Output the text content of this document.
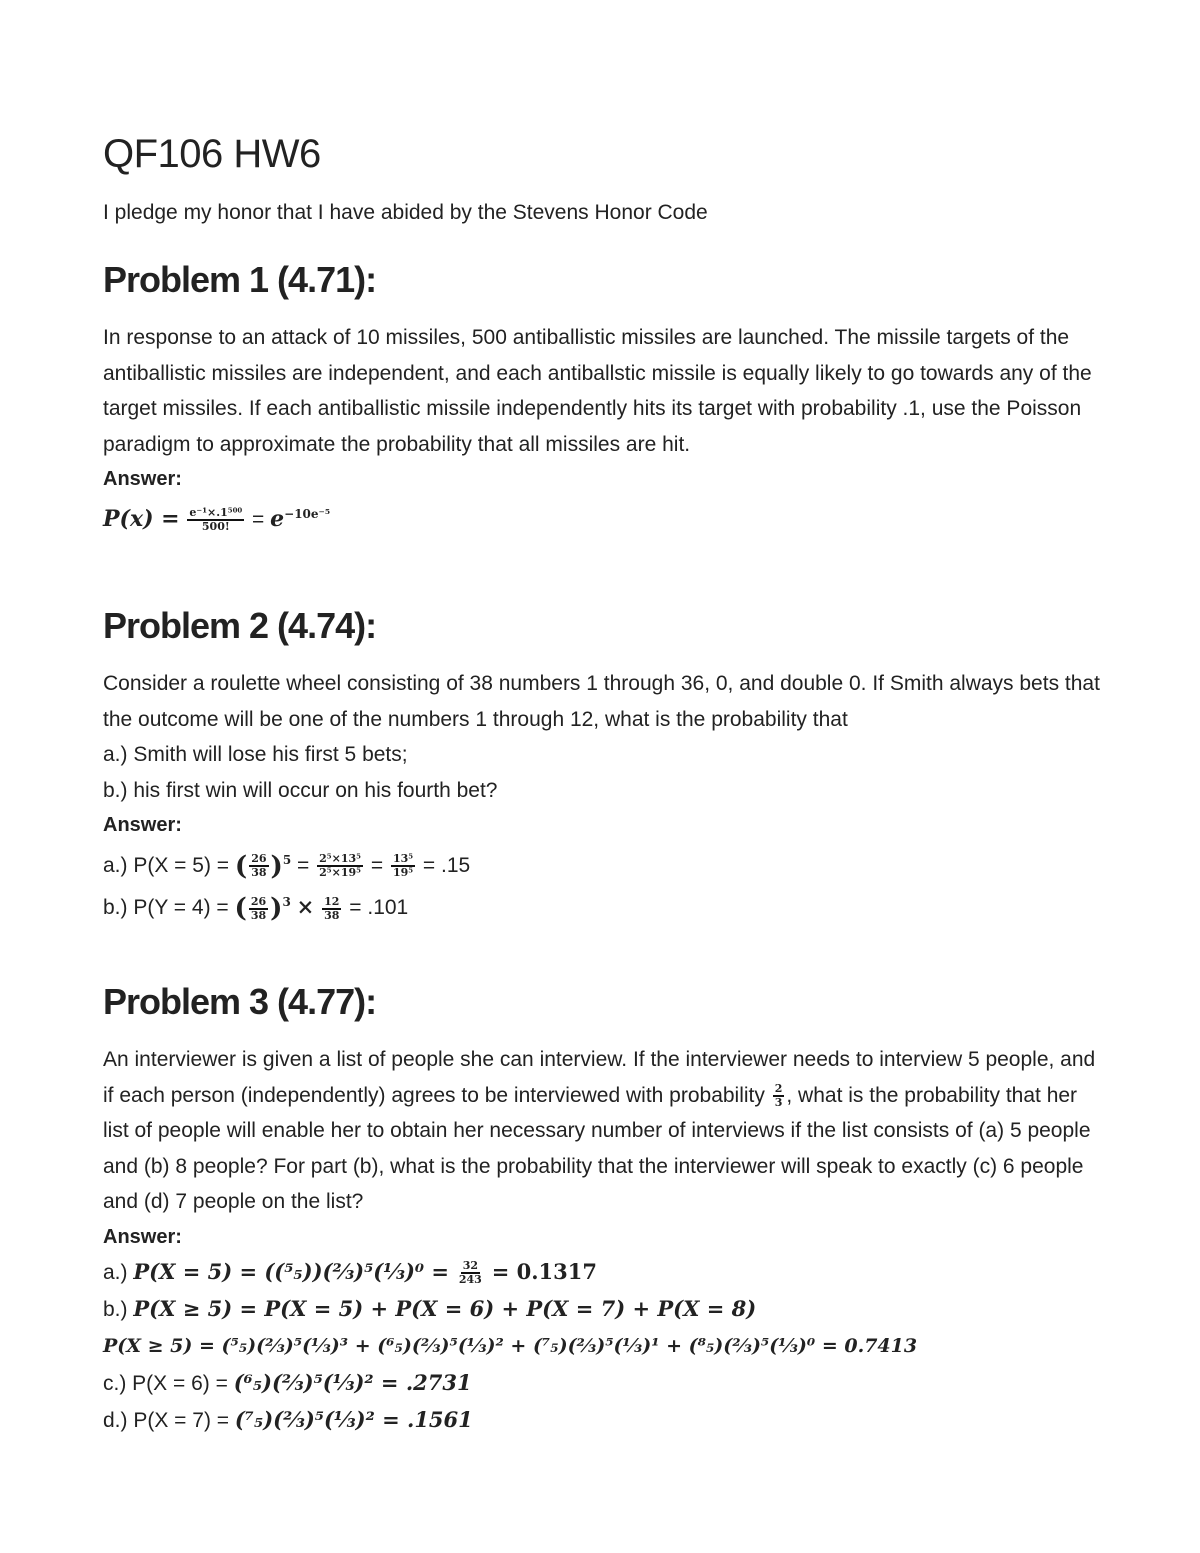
QF106 HW6

I pledge my honor that I have abided by the Stevens Honor Code

Problem 1 (4.71):

In response to an attack of 10 missiles, 500 antiballistic missiles are launched. The missile targets of the antiballistic missiles are independent, and each antiballstic missile is equally likely to go towards any of the target missiles. If each antiballistic missile independently hits its target with probability .1, use the Poisson paradigm to approximate the probability that all missiles are hit.

Answer:

$P(x) = \frac{\text{e⁻¹×.1⁵⁰⁰}}{500!} = e^{-10e^{-5}}$

Problem 2 (4.74):

Consider a roulette wheel consisting of 38 numbers 1 through 36, 0, and double 0. If Smith always bets that the outcome will be one of the numbers 1 through 12, what is the probability that

a.) Smith will lose his first 5 bets;

b.) his first win will occur on his fourth bet?

Answer:

a.) P(X = 5) = ( $\frac{26}{38} )^5 = \frac{\text{2⁵×13⁵}}{\text{2⁵×19⁵}} = \frac{\text{13⁵}}{\text{19⁵}} = .15$

b.) P(Y = 4) = ( $\frac{26}{38} )^3 \times \frac{12}{38} = .101$

Problem 3 (4.77):

An interviewer is given a list of people she can interview. If the interviewer needs to interview 5 people, and if each person (independently) agrees to be interviewed with probability $\frac{2}{3}$ , what is the probability that her list of people will enable her to obtain her necessary number of interviews if the list consists of (a) 5 people and (b) 8 people? For part (b), what is the probability that the interviewer will speak to exactly (c) 6 people and (d) 7 people on the list?

Answer:

a.) P(X = 5) = ((⁵₅))(⅔)⁵(⅓)⁰ = $\frac{32}{243} = 0.1317$

b.) P(X ≥ 5) = P(X = 5) + P(X = 6) + P(X = 7) + P(X = 8)

P(X ≥ 5) = (⁵₅)(⅔)⁵(⅓)³ + (⁶₅)(⅔)⁵(⅓)² + (⁷₅)(⅔)⁵(⅓)¹ + (⁸₅)(⅔)⁵(⅓)⁰ = 0.7413

c.) P(X = 6) = (⁶₅)(⅔)⁵(⅓)² = .2731

d.) P(X = 7) = (⁷₅)(⅔)⁵(⅓)² = .1561
